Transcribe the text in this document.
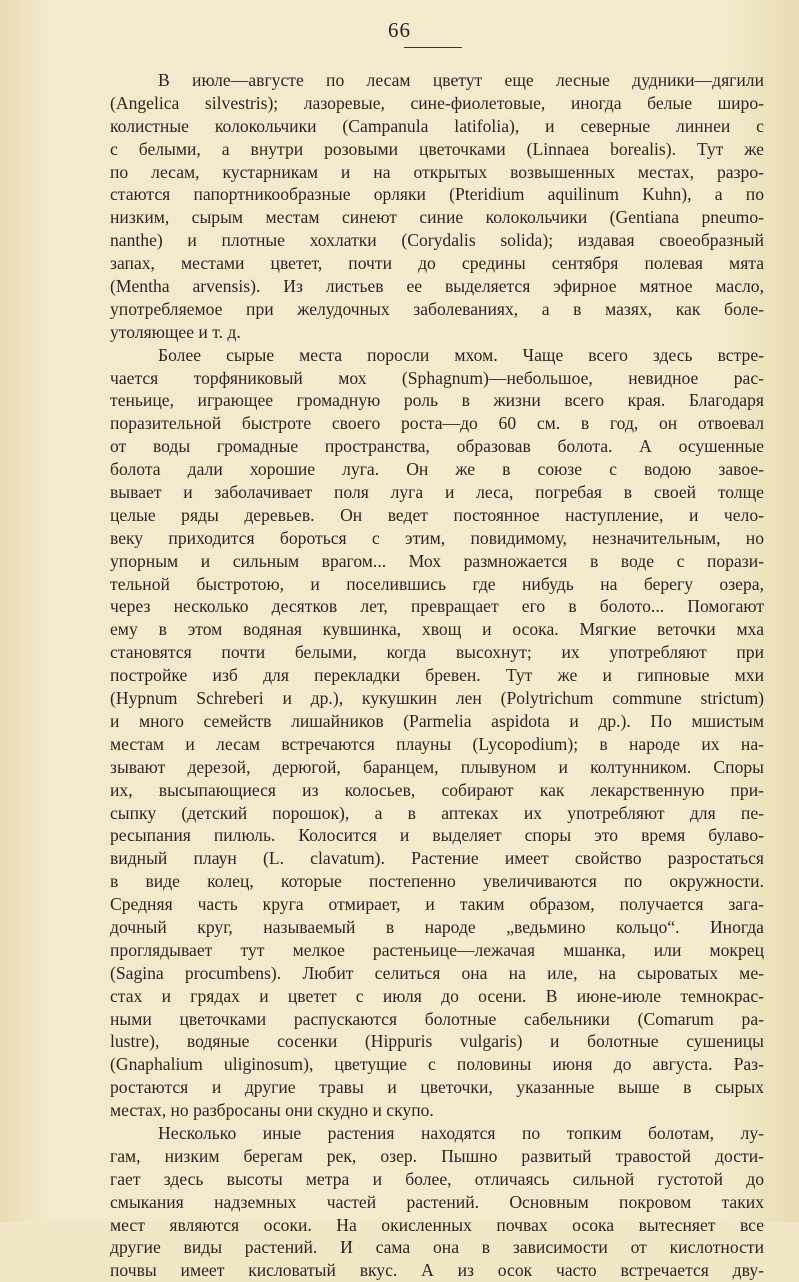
66
В июле—августе по лесам цветут еще лесные дудники—дягили
(Angelica silvestris); лазоревые, сине-фиолетовые, иногда белые широ-
колистные колокольчики (Campanula latifolia), и северные линнеи с
с белыми, а внутри розовыми цветочками (Linnaea borealis). Тут же
по лесам, кустарникам и на открытых возвышенных местах, разро-
стаются папортникообразные орляки (Pteridium aquilinum Kuhn), а по
низким, сырым местам синеют синие колокольчики (Gentiana pneumo-
nanthe) и плотные хохлатки (Corydalis solida); издавая своеобразный
запах, местами цветет, почти до средины сентября полевая мята
(Mentha arvensis). Из листьев ее выделяется эфирное мятное масло,
употребляемое при желудочных заболеваниях, а в мазях, как боле-
утоляющее и т. д.
Более сырые места поросли мхом. Чаще всего здесь встре-
чается торфяниковый мох (Sphagnum)—небольшое, невидное рас-
теньице, играющее громадную роль в жизни всего края. Благодаря
поразительной быстроте своего роста—до 60 см. в год, он отвоевал
от воды громадные пространства, образовав болота. А осушенные
болота дали хорошие луга. Он же в союзе с водою завое-
вывает и заболачивает поля луга и леса, погребая в своей толще
целые ряды деревьев. Он ведет постоянное наступление, и чело-
веку приходится бороться с этим, повидимому, незначительным, но
упорным и сильным врагом... Мох размножается в воде с порази-
тельной быстротою, и поселившись где нибудь на берегу озера,
через несколько десятков лет, превращает его в болото... Помогают
ему в этом водяная кувшинка, хвощ и осока. Мягкие веточки мха
становятся почти белыми, когда высохнут; их употребляют при
постройке изб для перекладки бревен. Тут же и гипновые мхи
(Hypnum Schreberi и др.), кукушкин лен (Polytrichum commune strictum)
и много семейств лишайников (Parmelia aspidota и др.). По мшистым
местам и лесам встречаются плауны (Lycopodium); в народе их на-
зывают дерезой, дерюгой, баранцем, плывуном и колтунником. Споры
их, высыпающиеся из колосьев, собирают как лекарственную при-
сыпку (детский порошок), а в аптеках их употребляют для пе-
ресыпания пилюль. Колосится и выделяет споры это время булаво-
видный плаун (L. clavatum). Растение имеет свойство разростаться
в виде колец, которые постепенно увеличиваются по окружности.
Средняя часть круга отмирает, и таким образом, получается зага-
дочный круг, называемый в народе „ведьмино кольцо“. Иногда
проглядывает тут мелкое растеньице—лежачая мшанка, или мокрец
(Sagina procumbens). Любит селиться она на иле, на сыроватых ме-
стах и грядах и цветет с июля до осени. В июне-июле темнокрас-
ными цветочками распускаются болотные сабельники (Comarum pa-
lustre), водяные сосенки (Hippuris vulgaris) и болотные сушеницы
(Gnaphalium uliginosum), цветущие с половины июня до августа. Раз-
ростаются и другие травы и цветочки, указанные выше в сырых
местах, но разбросаны они скудно и скупо.
Несколько иные растения находятся по топким болотам, лу-
гам, низким берегам рек, озер. Пышно развитый травостой дости-
гает здесь высоты метра и более, отличаясь сильной густотой до
смыкания надземных частей растений. Основным покровом таких
мест являются осоки. На окисленных почвах осока вытесняет все
другие виды растений. И сама она в зависимости от кислотности
почвы имеет кисловатый вкус. А из осок часто встречается дву-
